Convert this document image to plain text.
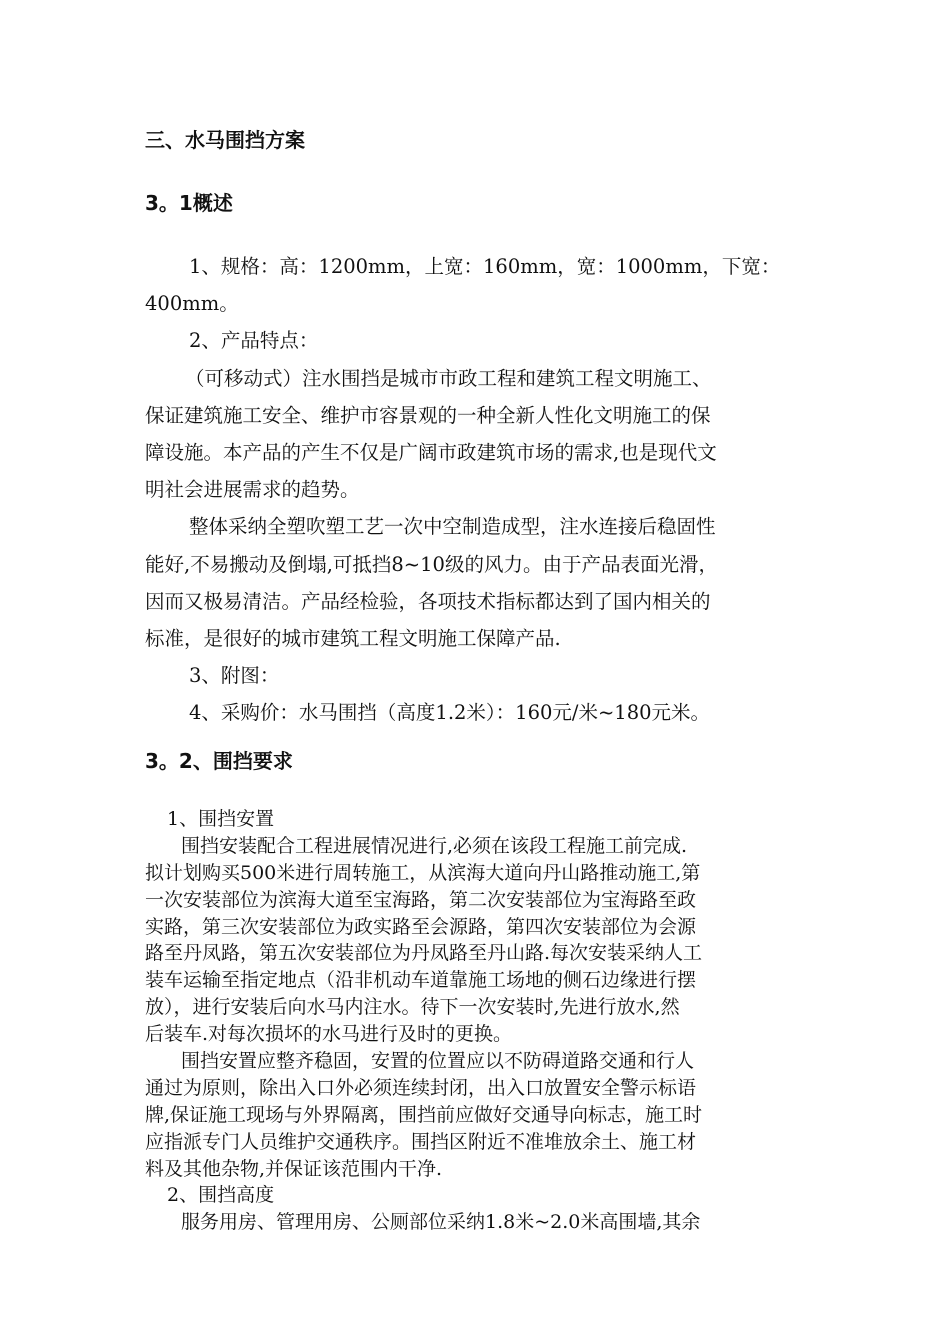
三、水马围挡方案
3。1概述
1、规格：高：1200mm，上宽：160mm，宽：1000mm，下宽：
400mm。
2、产品特点：
（可移动式）注水围挡是城市市政工程和建筑工程文明施工、
保证建筑施工安全、维护市容景观的一种全新人性化文明施工的保
障设施。本产品的产生不仅是广阔市政建筑市场的需求,也是现代文
明社会进展需求的趋势。
整体采纳全塑吹塑工艺一次中空制造成型，注水连接后稳固性
能好,不易搬动及倒塌,可抵挡8~10级的风力。由于产品表面光滑，
因而又极易清洁。产品经检验，各项技术指标都达到了国内相关的
标准，是很好的城市建筑工程文明施工保障产品.
3、附图：
4、采购价：水马围挡（高度1.2米）：160元/米~180元米。
3。2、围挡要求
1、围挡安置
围挡安装配合工程进展情况进行,必须在该段工程施工前完成.
拟计划购买500米进行周转施工，从滨海大道向丹山路推动施工,第
一次安装部位为滨海大道至宝海路，第二次安装部位为宝海路至政
实路，第三次安装部位为政实路至会源路，第四次安装部位为会源
路至丹凤路，第五次安装部位为丹凤路至丹山路.每次安装采纳人工
装车运输至指定地点（沿非机动车道靠施工场地的侧石边缘进行摆
放），进行安装后向水马内注水。待下一次安装时,先进行放水,然
后装车.对每次损坏的水马进行及时的更换。
围挡安置应整齐稳固，安置的位置应以不防碍道路交通和行人
通过为原则，除出入口外必须连续封闭，出入口放置安全警示标语
牌,保证施工现场与外界隔离，围挡前应做好交通导向标志，施工时
应指派专门人员维护交通秩序。围挡区附近不准堆放余土、施工材
料及其他杂物,并保证该范围内干净.
2、围挡高度
服务用房、管理用房、公厕部位采纳1.8米~2.0米高围墙,其余
